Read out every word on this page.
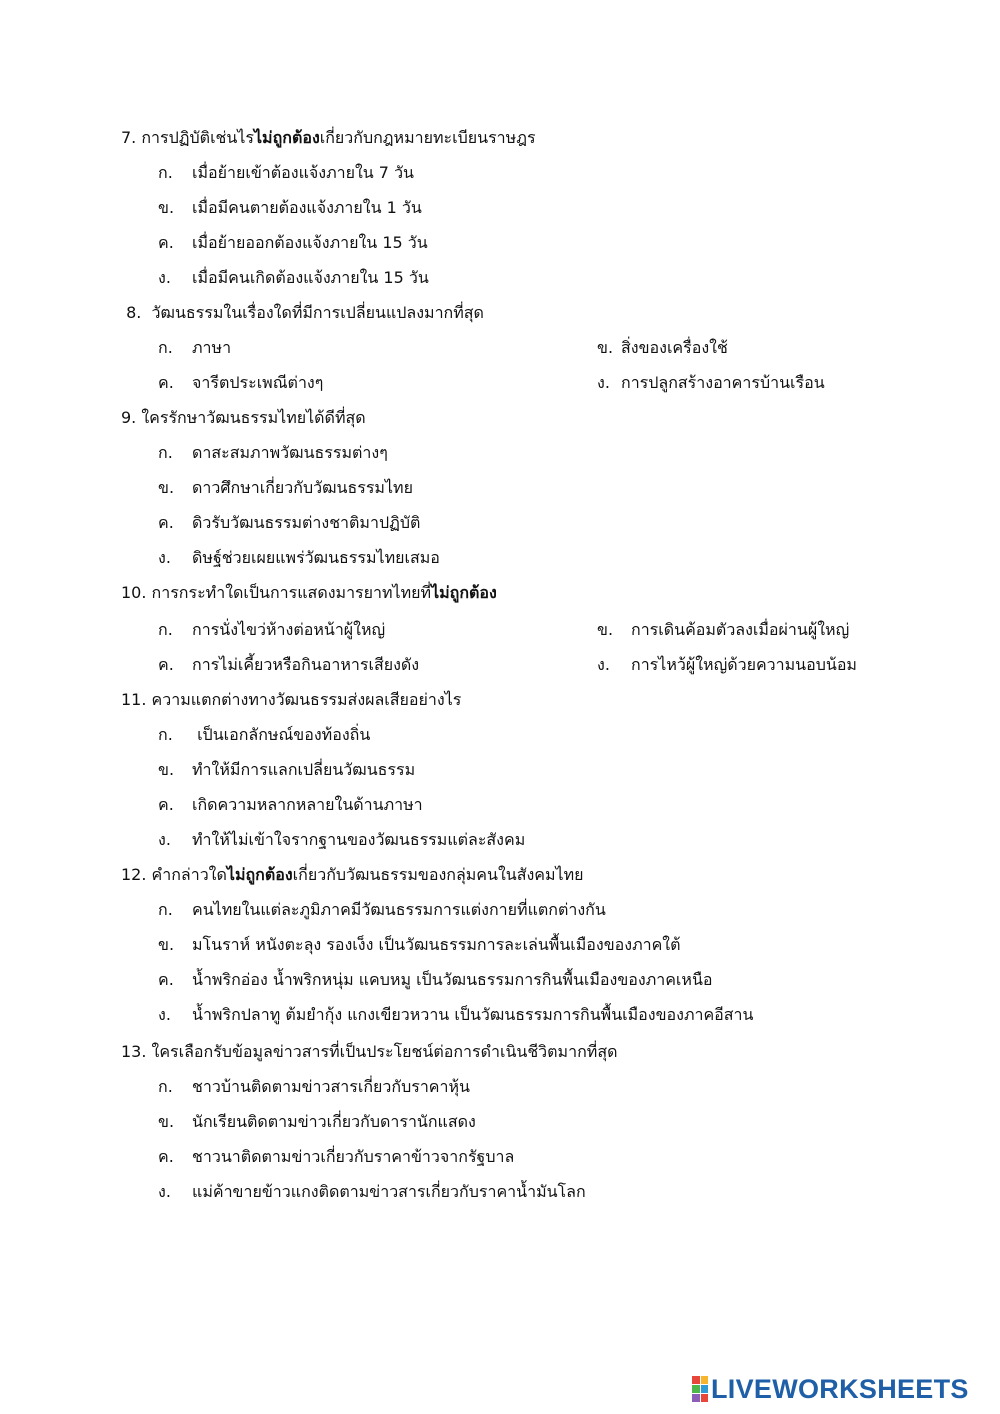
7. การปฏิบัติเช่นไรไม่ถูกต้องเกี่ยวกับกฎหมายทะเบียนราษฎร
ก. เมื่อย้ายเข้าต้องแจ้งภายใน 7 วัน
ข. เมื่อมีคนตายต้องแจ้งภายใน 1 วัน
ค. เมื่อย้ายออกต้องแจ้งภายใน 15 วัน
ง. เมื่อมีคนเกิดต้องแจ้งภายใน 15 วัน
8.  วัฒนธรรมในเรื่องใดที่มีการเปลี่ยนแปลงมากที่สุด
ก. ภาษา	ข. สิ่งของเครื่องใช้
ค. จารีตประเพณีต่างๆ	ง. การปลูกสร้างอาคารบ้านเรือน
9. ใครรักษาวัฒนธรรมไทยได้ดีที่สุด
ก. ดาสะสมภาพวัฒนธรรมต่างๆ
ข. ดาวศึกษาเกี่ยวกับวัฒนธรรมไทย
ค. ดิวรับวัฒนธรรมต่างชาติมาปฏิบัติ
ง. ดิษฐ์ช่วยเผยแพร่วัฒนธรรมไทยเสมอ
10. การกระทำใดเป็นการแสดงมารยาทไทยที่ไม่ถูกต้อง
ก. การนั่งไขว่ห้างต่อหน้าผู้ใหญ่	ข. การเดินค้อมตัวลงเมื่อผ่านผู้ใหญ่
ค. การไม่เคี้ยวหรือกินอาหารเสียงดัง	ง. การไหว้ผู้ใหญ่ด้วยความนอบน้อม
11. ความแตกต่างทางวัฒนธรรมส่งผลเสียอย่างไร
ก. เป็นเอกลักษณ์ของท้องถิ่น
ข. ทำให้มีการแลกเปลี่ยนวัฒนธรรม
ค. เกิดความหลากหลายในด้านภาษา
ง. ทำให้ไม่เข้าใจรากฐานของวัฒนธรรมแต่ละสังคม
12. คำกล่าวใดไม่ถูกต้องเกี่ยวกับวัฒนธรรมของกลุ่มคนในสังคมไทย
ก. คนไทยในแต่ละภูมิภาคมีวัฒนธรรมการแต่งกายที่แตกต่างกัน
ข. มโนราห์ หนังตะลุง รองเง็ง เป็นวัฒนธรรมการละเล่นพื้นเมืองของภาคใต้
ค. น้ำพริกอ่อง น้ำพริกหนุ่ม แคบหมู เป็นวัฒนธรรมการกินพื้นเมืองของภาคเหนือ
ง. น้ำพริกปลาทู ต้มยำกุ้ง แกงเขียวหวาน เป็นวัฒนธรรมการกินพื้นเมืองของภาคอีสาน
13. ใครเลือกรับข้อมูลข่าวสารที่เป็นประโยชน์ต่อการดำเนินชีวิตมากที่สุด
ก. ชาวบ้านติดตามข่าวสารเกี่ยวกับราคาหุ้น
ข. นักเรียนติดตามข่าวเกี่ยวกับดารานักแสดง
ค. ชาวนาติดตามข่าวเกี่ยวกับราคาข้าวจากรัฐบาล
ง. แม่ค้าขายข้าวแกงติดตามข่าวสารเกี่ยวกับราคาน้ำมันโลก
LIVEWORKSHEETS
